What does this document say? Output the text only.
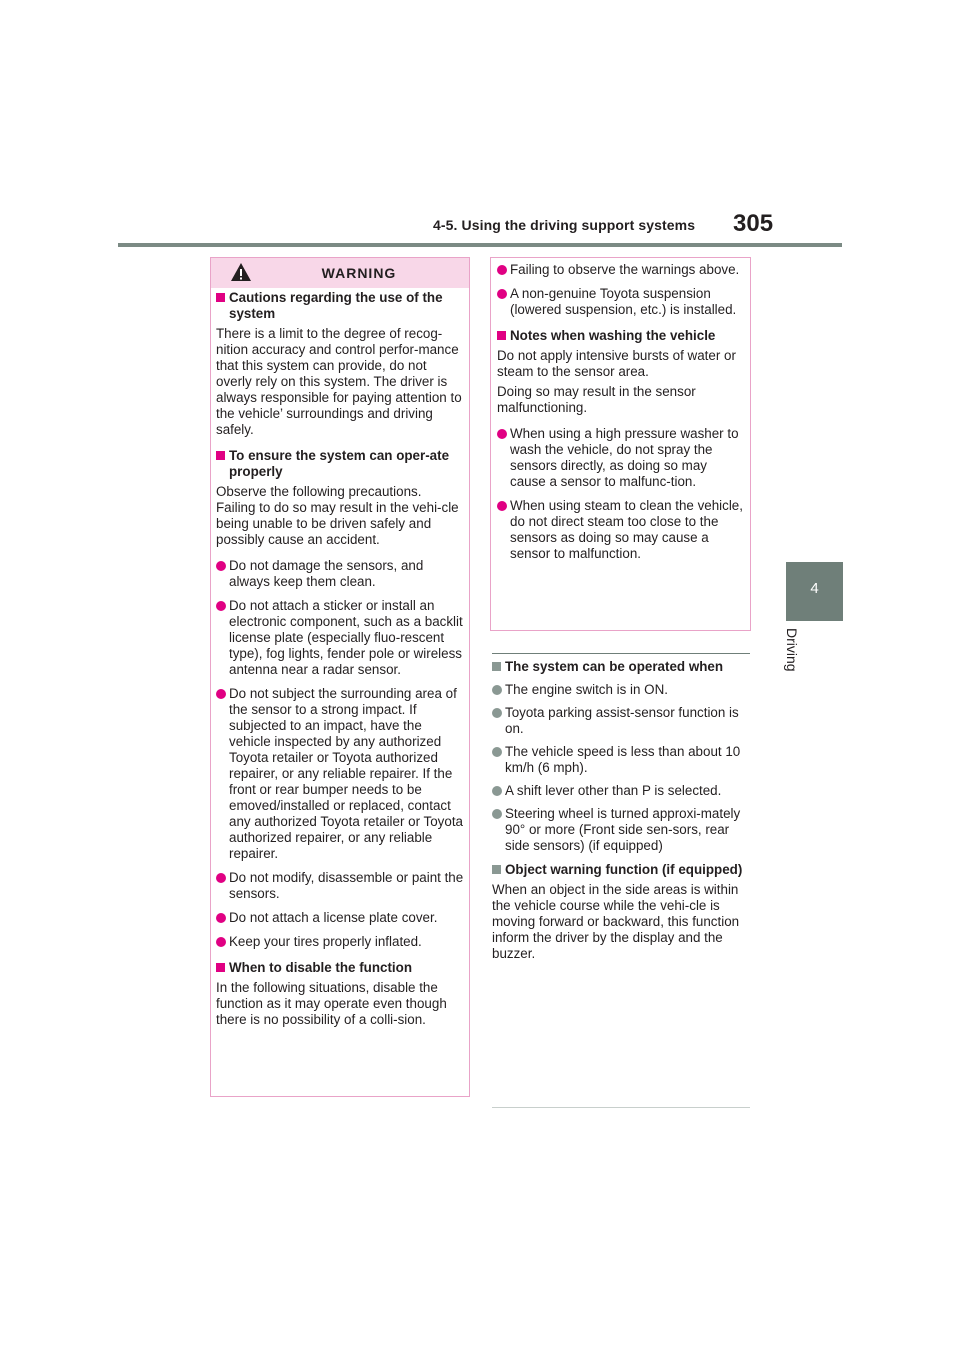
4-5. Using the driving support systems 305
4
Driving
WARNING

Cautions regarding the use of the system

There is a limit to the degree of recog-nition accuracy and control perfor-mance that this system can provide, do not overly rely on this system. The driver is always responsible for paying attention to the vehicle’ surroundings and driving safely.

To ensure the system can oper-ate properly

Observe the following precautions. Failing to do so may result in the vehi-cle being unable to be driven safely and possibly cause an accident.

Do not damage the sensors, and always keep them clean.

Do not attach a sticker or install an electronic component, such as a backlit license plate (especially fluo-rescent type), fog lights, fender pole or wireless antenna near a radar sensor.

Do not subject the surrounding area of the sensor to a strong impact. If subjected to an impact, have the vehicle inspected by any authorized Toyota retailer or Toyota authorized repairer, or any reliable repairer. If the front or rear bumper needs to be emoved/installed or replaced, contact any authorized Toyota retailer or Toyota authorized repairer, or any reliable repairer.

Do not modify, disassemble or paint the sensors.

Do not attach a license plate cover.

Keep your tires properly inflated.

When to disable the function

In the following situations, disable the function as it may operate even though there is no possibility of a colli-sion.

Failing to observe the warnings above.

A non-genuine Toyota suspension (lowered suspension, etc.) is installed.

Notes when washing the vehicle

Do not apply intensive bursts of water or steam to the sensor area.

Doing so may result in the sensor malfunctioning.

When using a high pressure washer to wash the vehicle, do not spray the sensors directly, as doing so may cause a sensor to malfunc-tion.

When using steam to clean the vehicle, do not direct steam too close to the sensors as doing so may cause a sensor to malfunction.

The system can be operated when

The engine switch is in ON.

Toyota parking assist-sensor function is on.

The vehicle speed is less than about 10 km/h (6 mph).

A shift lever other than P is selected.

Steering wheel is turned approxi-mately 90° or more (Front side sen-sors, rear side sensors) (if equipped)

Object warning function (if equipped)

When an object in the side areas is within the vehicle course while the vehi-cle is moving forward or backward, this function inform the driver by the display and the buzzer.
